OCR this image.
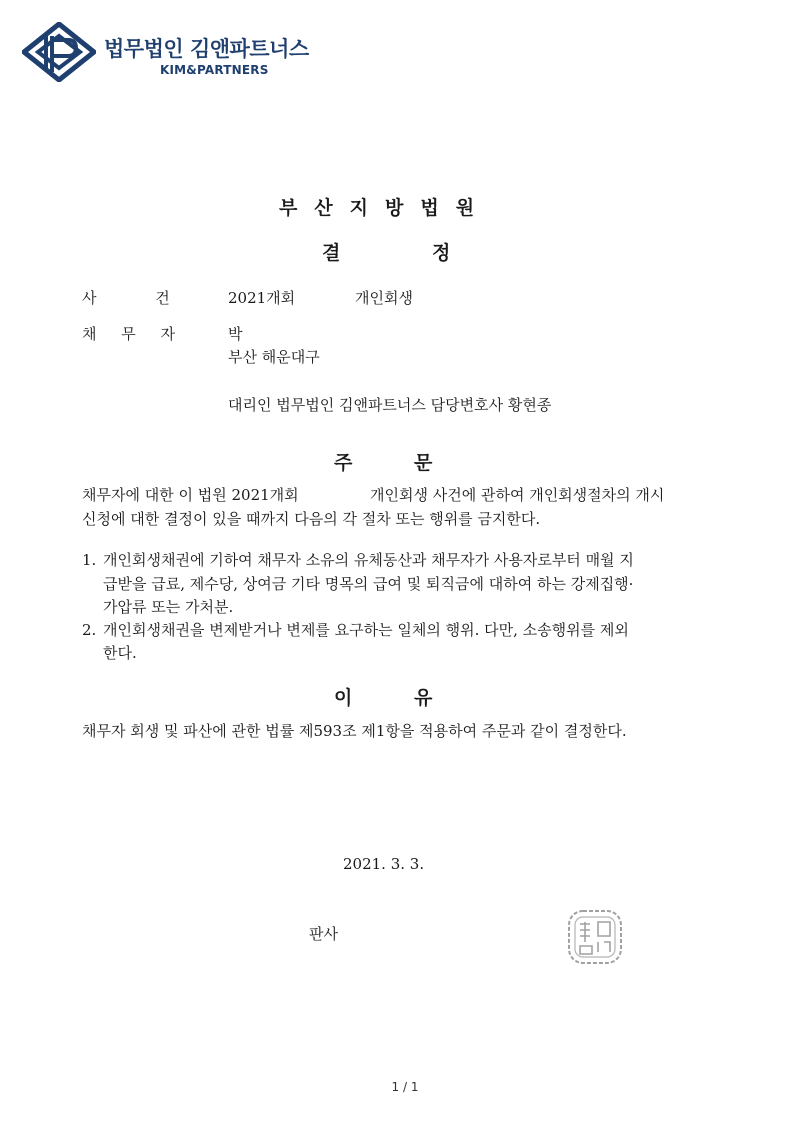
법무법인 김앤파트너스
KIM&PARTNERS
부산지방법원
결	정
사 건	2021개회	개인회생
채 무 자	박
부산 해운대구
대리인 법무법인 김앤파트너스 담당변호사 황현종
주	문
채무자에 대한 이 법원 2021개회	개인회생 사건에 관하여 개인회생절차의 개시
신청에 대한 결정이 있을 때까지 다음의 각 절차 또는 행위를 금지한다.
1. 개인회생채권에 기하여 채무자 소유의 유체동산과 채무자가 사용자로부터 매월 지
급받을 급료, 제수당, 상여금 기타 명목의 급여 및 퇴직금에 대하여 하는 강제집행·
가압류 또는 가처분.
2. 개인회생채권을 변제받거나 변제를 요구하는 일체의 행위. 다만, 소송행위를 제외
한다.
이	유
채무자 회생 및 파산에 관한 법률 제593조 제1항을 적용하여 주문과 같이 결정한다.
2021. 3. 3.
판사
1 / 1
